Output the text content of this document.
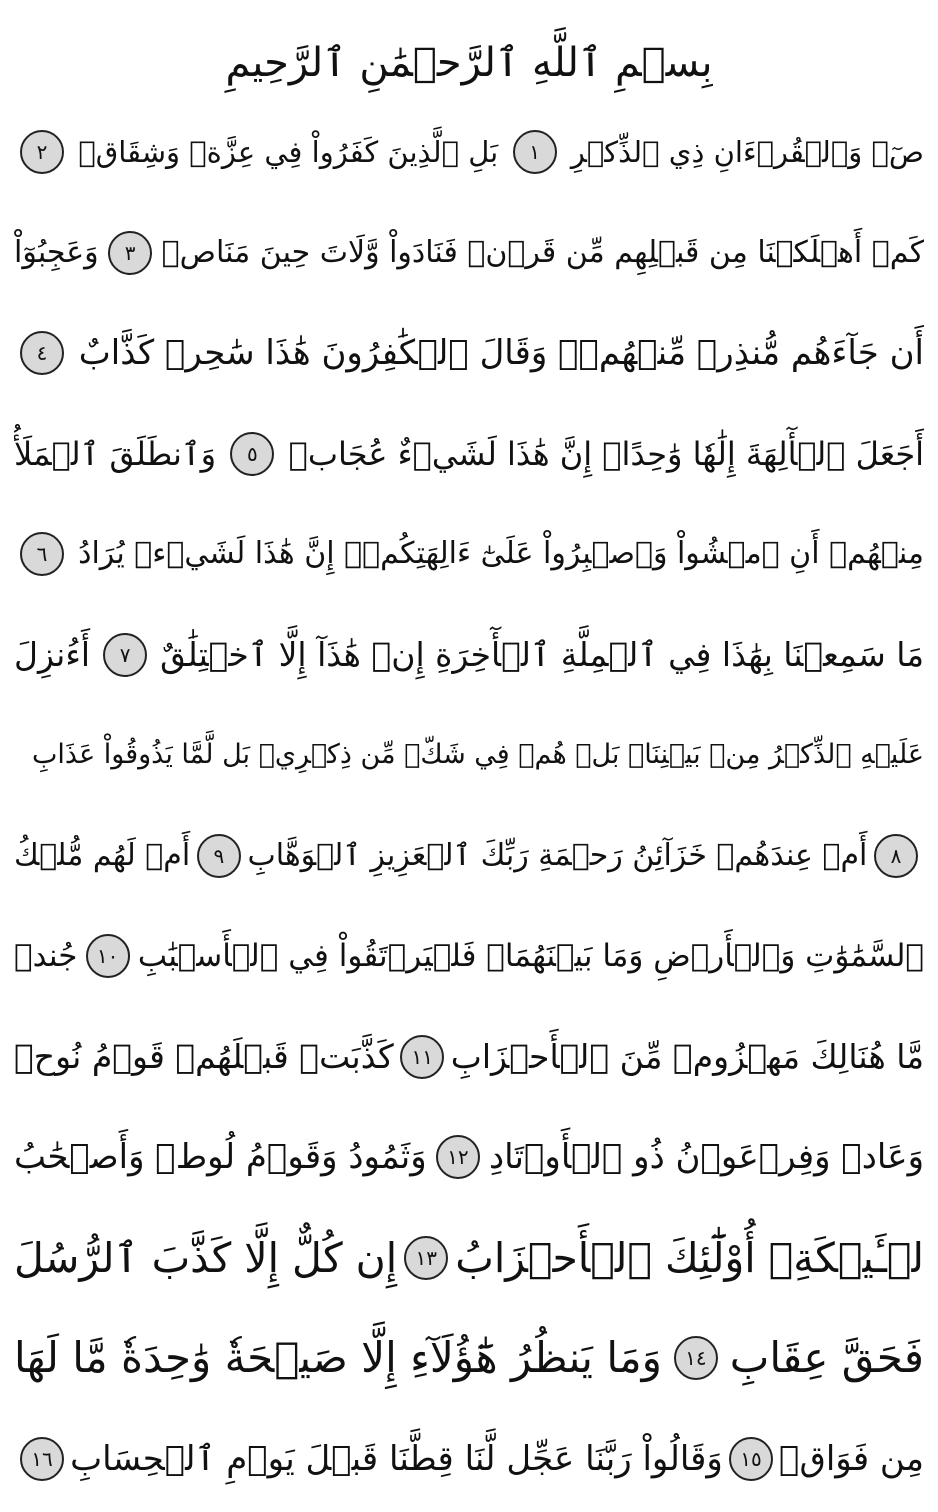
بِسۡمِ ٱللَّهِ ٱلرَّحۡمَٰنِ ٱلرَّحِيمِ
صٓۚ وَٱلۡقُرۡءَانِ ذِي ٱلذِّكۡرِ
١
بَلِ ٱلَّذِينَ كَفَرُواْ فِي عِزَّةٖ وَشِقَاقٖ
٢
كَمۡ أَهۡلَكۡنَا مِن قَبۡلِهِم مِّن قَرۡنٖ فَنَادَواْ وَّلَاتَ حِينَ مَنَاصٖ
٣
وَعَجِبُوٓاْ
أَن جَآءَهُم مُّنذِرٞ مِّنۡهُمۡۖ وَقَالَ ٱلۡكَٰفِرُونَ هَٰذَا سَٰحِرٞ كَذَّابٌ
٤
أَجَعَلَ ٱلۡأٓلِهَةَ إِلَٰهٗا وَٰحِدًاۖ إِنَّ هَٰذَا لَشَيۡءٌ عُجَابٞ
٥
وَٱنطَلَقَ ٱلۡمَلَأُ
مِنۡهُمۡ أَنِ ٱمۡشُواْ وَٱصۡبِرُواْ عَلَىٰٓ ءَالِهَتِكُمۡۖ إِنَّ هَٰذَا لَشَيۡءٞ يُرَادُ
٦
مَا سَمِعۡنَا بِهَٰذَا فِي ٱلۡمِلَّةِ ٱلۡأٓخِرَةِ إِنۡ هَٰذَآ إِلَّا ٱخۡتِلَٰقٌ
٧
أَءُنزِلَ
عَلَيۡهِ ٱلذِّكۡرُ مِنۢ بَيۡنِنَاۚ بَلۡ هُمۡ فِي شَكّٖ مِّن ذِكۡرِيۚ بَل لَّمَّا يَذُوقُواْ عَذَابِ
٨
أَمۡ عِندَهُمۡ خَزَآئِنُ رَحۡمَةِ رَبِّكَ ٱلۡعَزِيزِ ٱلۡوَهَّابِ
٩
أَمۡ لَهُم مُّلۡكُ
ٱلسَّمَٰوَٰتِ وَٱلۡأَرۡضِ وَمَا بَيۡنَهُمَاۖ فَلۡيَرۡتَقُواْ فِي ٱلۡأَسۡبَٰبِ
١٠
جُندٞ
مَّا هُنَالِكَ مَهۡزُومٞ مِّنَ ٱلۡأَحۡزَابِ
١١
كَذَّبَتۡ قَبۡلَهُمۡ قَوۡمُ نُوحٖ
وَعَادٞ وَفِرۡعَوۡنُ ذُو ٱلۡأَوۡتَادِ
١٢
وَثَمُودُ وَقَوۡمُ لُوطٖ وَأَصۡحَٰبُ
لۡـَٔيۡكَةِۚ أُوْلَٰٓئِكَ ٱلۡأَحۡزَابُ
١٣
إِن كُلٌّ إِلَّا كَذَّبَ ٱلرُّسُلَ
فَحَقَّ عِقَابِ
١٤
وَمَا يَنظُرُ هَٰٓؤُلَآءِ إِلَّا صَيۡحَةٗ وَٰحِدَةٗ مَّا لَهَا
مِن فَوَاقٖ
١٥
وَقَالُواْ رَبَّنَا عَجِّل لَّنَا قِطَّنَا قَبۡلَ يَوۡمِ ٱلۡحِسَابِ
١٦
